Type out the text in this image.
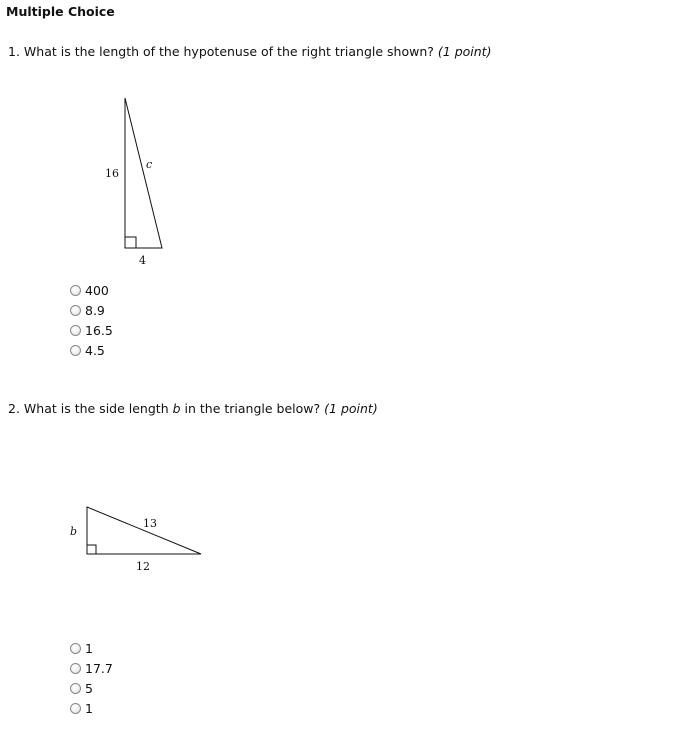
Multiple Choice
1. What is the length of the hypotenuse of the right triangle shown? (1 point)
16
4
c
400
8.9
16.5
4.5
2. What is the side length b in the triangle below? (1 point)
b
12
13
1
17.7
5
1
